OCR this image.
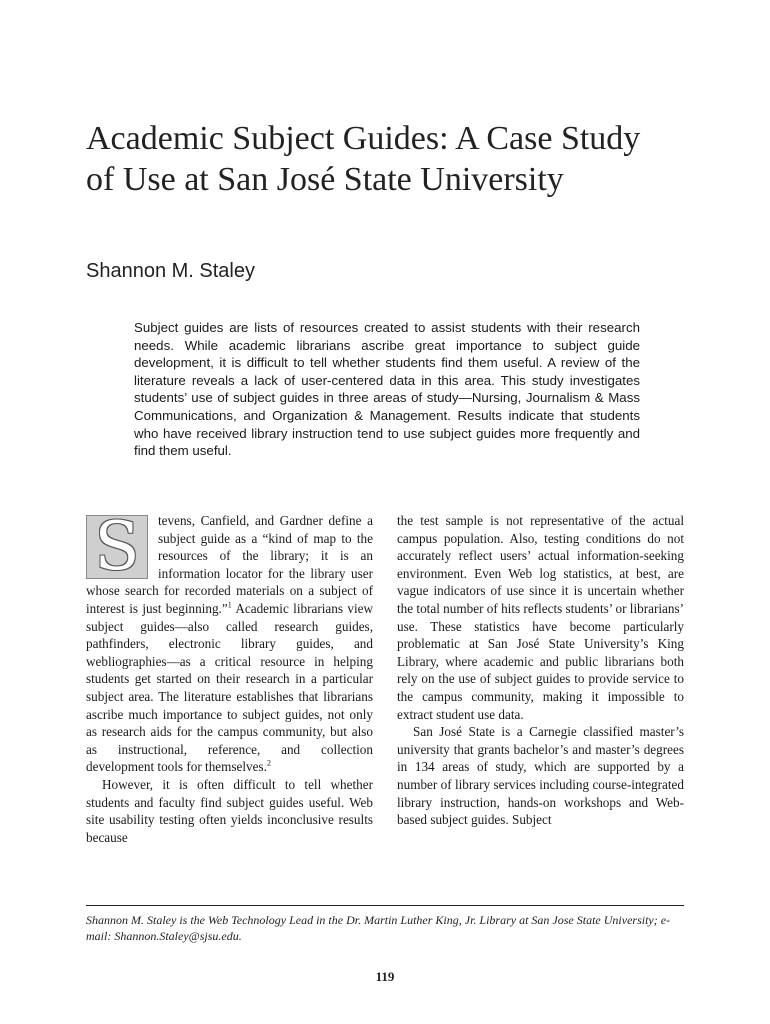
Academic Subject Guides: A Case Study of Use at San José State University
Shannon M. Staley

Subject guides are lists of resources created to assist students with their research needs. While academic librarians ascribe great importance to subject guide development, it is difficult to tell whether students find them useful. A review of the literature reveals a lack of user-centered data in this area. This study investigates students’ use of subject guides in three areas of study—Nursing, Journalism & Mass Communications, and Organization & Management. Results indicate that students who have received library instruction tend to use subject guides more frequently and find them useful.

S	tevens, Canfield, and Gardner define a subject guide as a “kind of map to the resources of the library; it is an information locator for the library user whose search for recorded materials on a subject of interest is just beginning.”$^1$ Academic librarians view subject guides—also called research guides, pathfinders, electronic library guides, and webliographies—as a critical resource in helping students get started on their research in a particular subject area. The literature establishes that librarians ascribe much importance to subject guides, not only as research aids for the campus community, but also as instructional, reference, and collection development tools for themselves.$^2$

However, it is often difficult to tell whether students and faculty find subject guides useful. Web site usability testing often yields inconclusive results because

the test sample is not representative of the actual campus population. Also, testing conditions do not accurately reflect users’ actual information-seeking environment. Even Web log statistics, at best, are vague indicators of use since it is uncertain whether the total number of hits reflects students’ or librarians’ use. These statistics have become particularly problematic at San José State University’s King Library, where academic and public librarians both rely on the use of subject guides to provide service to the campus community, making it impossible to extract student use data.

San José State is a Carnegie classified master’s university that grants bachelor’s and master’s degrees in 134 areas of study, which are supported by a number of library services including course-integrated library instruction, hands-on workshops and Web-based subject guides. Subject

Shannon M. Staley is the Web Technology Lead in the Dr. Martin Luther King, Jr. Library at San Jose State University; e-mail: Shannon.Staley@sjsu.edu.

119
